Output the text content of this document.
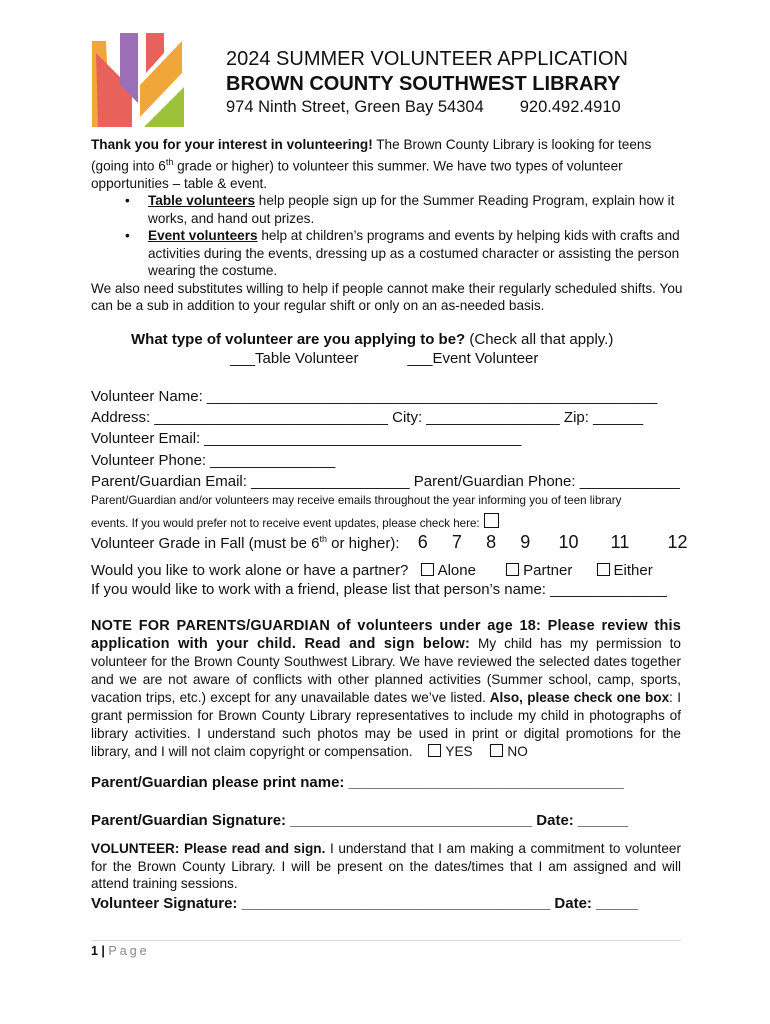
2024 SUMMER VOLUNTEER APPLICATION
BROWN COUNTY SOUTHWEST LIBRARY
974 Ninth Street, Green Bay 54304 920.492.4910
Thank you for your interest in volunteering! The Brown County Library is looking for teens (going into 6th grade or higher) to volunteer this summer. We have two types of volunteer opportunities – table & event.
• Table volunteers help people sign up for the Summer Reading Program, explain how it works, and hand out prizes.
• Event volunteers help at children’s programs and events by helping kids with crafts and activities during the events, dressing up as a costumed character or assisting the person wearing the costume.
We also need substitutes willing to help if people cannot make their regularly scheduled shifts. You can be a sub in addition to your regular shift or only on an as-needed basis.
What type of volunteer are you applying to be? (Check all that apply.)
___Table Volunteer	___Event Volunteer
Volunteer Name: ______________________________________________________
Address: ____________________________ City: ________________ Zip: ______
Volunteer Email: ______________________________________
Volunteer Phone: _______________
Parent/Guardian Email: ___________________ Parent/Guardian Phone: ____________
Parent/Guardian and/or volunteers may receive emails throughout the year informing you of teen library
events. If you would prefer not to receive event updates, please check here:
Volunteer Grade in Fall (must be 6th or higher): 6 7 8 9 10 11 12
Would you like to work alone or have a partner? Alone	Partner	Either
If you would like to work with a friend, please list that person’s name: ______________
NOTE FOR PARENTS/GUARDIAN of volunteers under age 18: Please review this application with your child. Read and sign below: My child has my permission to volunteer for the Brown County Southwest Library. We have reviewed the selected dates together and we are not aware of conflicts with other planned activities (Summer school, camp, sports, vacation trips, etc.) except for any unavailable dates we’ve listed. Also, please check one box: I grant permission for Brown County Library representatives to include my child in photographs of library activities. I understand such photos may be used in print or digital promotions for the library, and I will not claim copyright or compensation. YES	NO
Parent/Guardian please print name: _________________________________
Parent/Guardian Signature: _____________________________ Date: ______
VOLUNTEER: Please read and sign. I understand that I am making a commitment to volunteer for the Brown County Library. I will be present on the dates/times that I am assigned and will attend training sessions.
Volunteer Signature: _____________________________________ Date: _____
1 | Page
